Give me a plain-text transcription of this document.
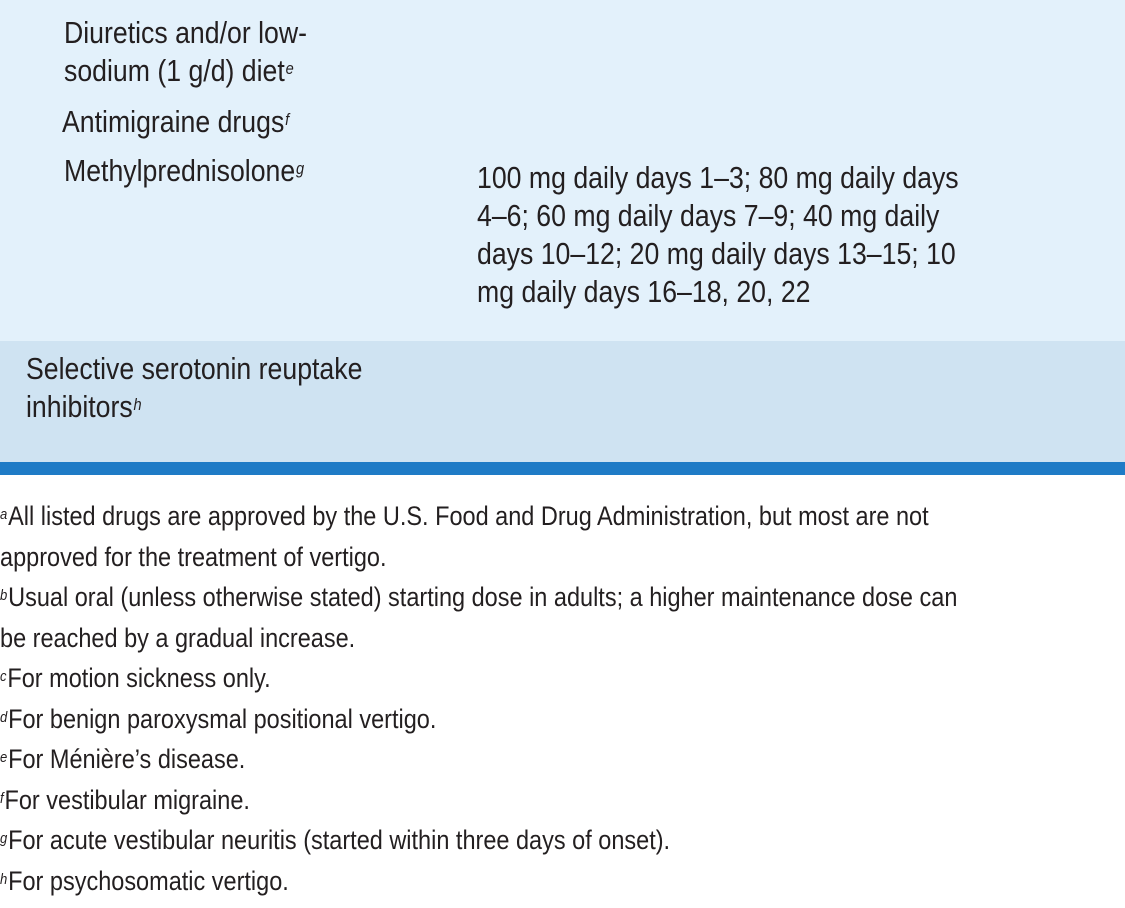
Diuretics and/or low-
sodium (1 g/d) diet$^e$
Antimigraine drugs$^f$
Methylprednisolone$^g$	100 mg daily days 1–3; 80 mg daily days
4–6; 60 mg daily days 7–9; 40 mg daily
days 10–12; 20 mg daily days 13–15; 10
mg daily days 16–18, 20, 22
Selective serotonin reuptake
inhibitors$^h$

$^a$All listed drugs are approved by the U.S. Food and Drug Administration, but most are not

approved for the treatment of vertigo.

$^b$Usual oral (unless otherwise stated) starting dose in adults; a higher maintenance dose can

be reached by a gradual increase.

$^c$For motion sickness only.

$^d$For benign paroxysmal positional vertigo.

$^e$For Ménière’s disease.

$^f$For vestibular migraine.

$^g$For acute vestibular neuritis (started within three days of onset).

$^h$For psychosomatic vertigo.
